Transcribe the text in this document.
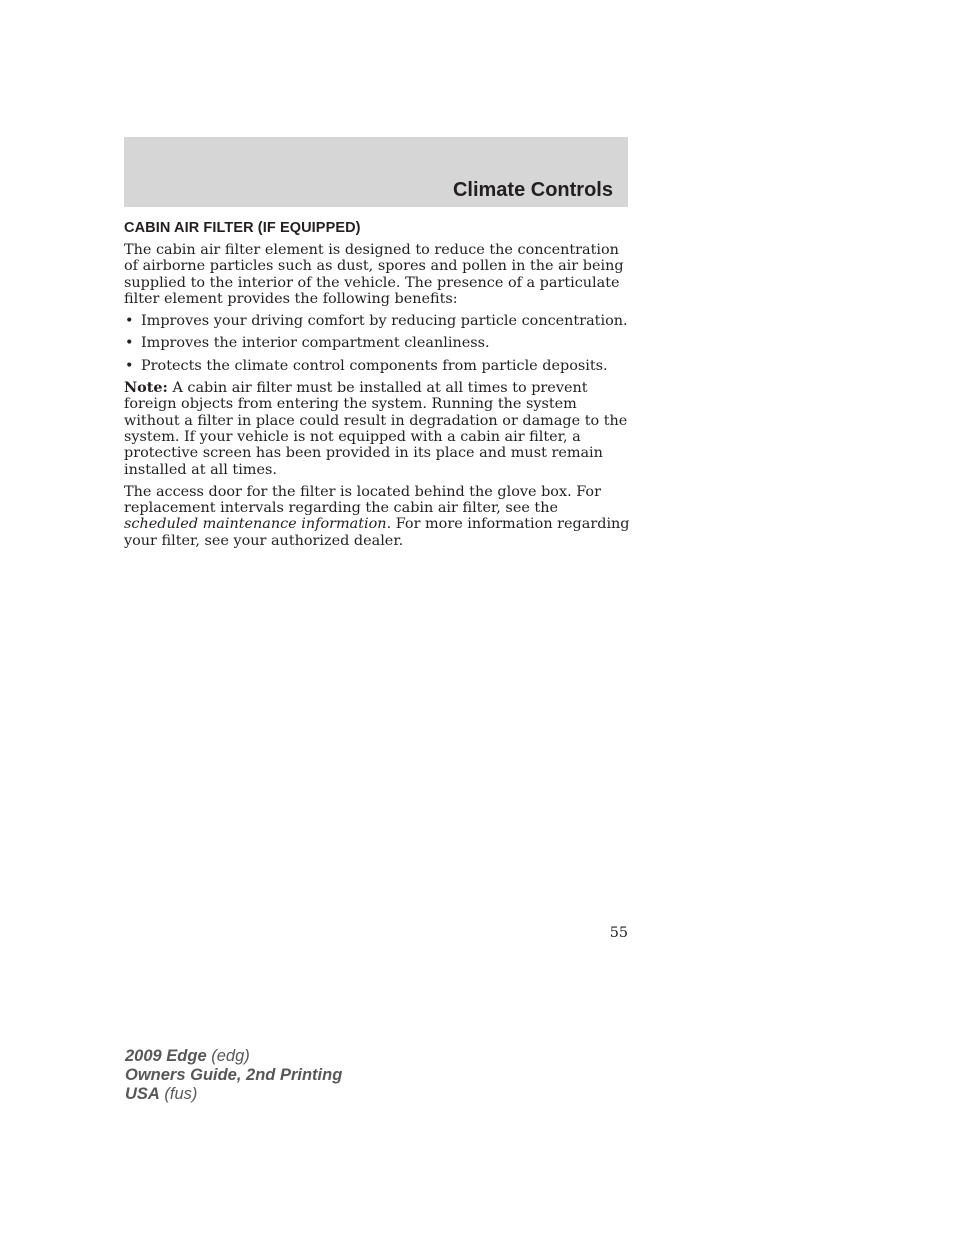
Climate Controls
CABIN AIR FILTER (IF EQUIPPED)

The cabin air filter element is designed to reduce the concentration of airborne particles such as dust, spores and pollen in the air being supplied to the interior of the vehicle. The presence of a particulate filter element provides the following benefits:

• Improves your driving comfort by reducing particle concentration.
• Improves the interior compartment cleanliness.
• Protects the climate control components from particle deposits.

Note: A cabin air filter must be installed at all times to prevent foreign objects from entering the system. Running the system without a filter in place could result in degradation or damage to the system. If your vehicle is not equipped with a cabin air filter, a protective screen has been provided in its place and must remain installed at all times.

The access door for the filter is located behind the glove box. For replacement intervals regarding the cabin air filter, see the scheduled maintenance information. For more information regarding your filter, see your authorized dealer.

55
2009 Edge (edg)
Owners Guide, 2nd Printing
USA (fus)
